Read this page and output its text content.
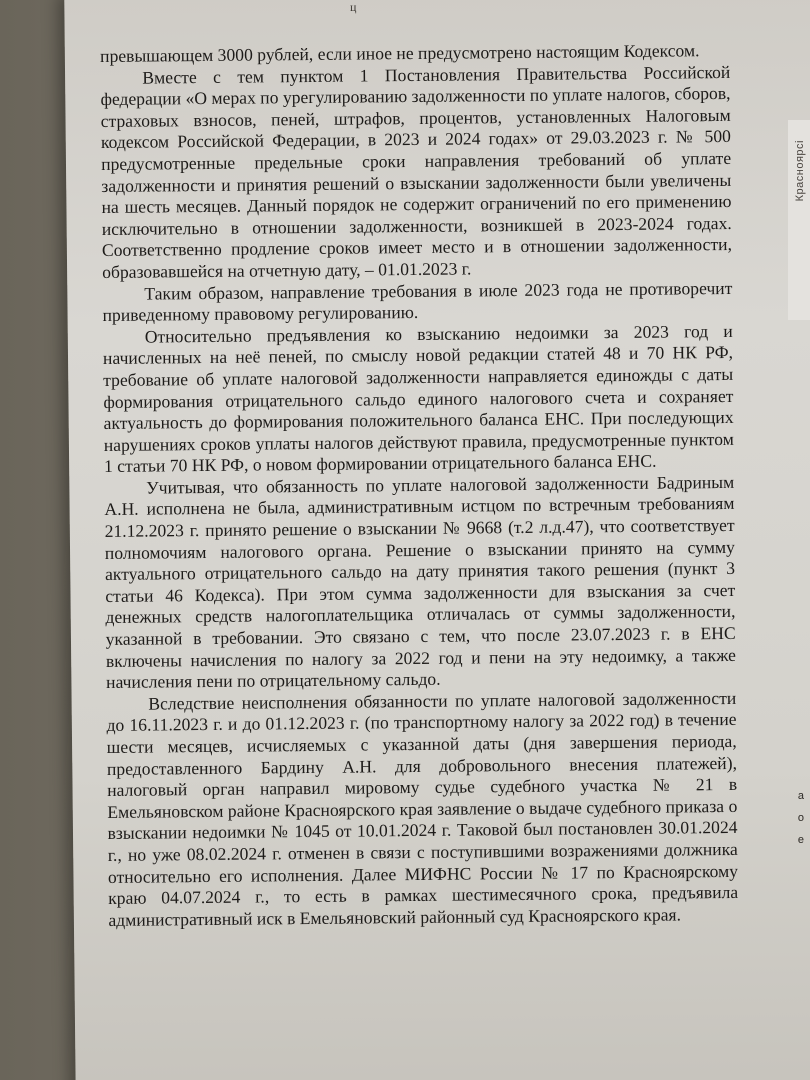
ц
Красноярсі
а
о
е

превышающем 3000 рублей, если иное не предусмотрено настоящим Кодексом.

Вместе с тем пунктом 1 Постановления Правительства Российской федерации «О мерах по урегулированию задолженности по уплате налогов, сборов, страховых взносов, пеней, штрафов, процентов, установленных Налоговым кодексом Российской Федерации, в 2023 и 2024 годах» от 29.03.2023 г. № 500 предусмотренные предельные сроки направления требований об уплате задолженности и принятия решений о взыскании задолженности были увеличены на шесть месяцев. Данный порядок не содержит ограничений по его применению исключительно в отношении задолженности, возникшей в 2023-2024 годах. Соответственно продление сроков имеет место и в отношении задолженности, образовавшейся на отчетную дату, – 01.01.2023 г.

Таким образом, направление требования в июле 2023 года не противоречит приведенному правовому регулированию.

Относительно предъявления ко взысканию недоимки за 2023 год и начисленных на неё пеней, по смыслу новой редакции статей 48 и 70 НК РФ, требование об уплате налоговой задолженности направляется единожды с даты формирования отрицательного сальдо единого налогового счета и сохраняет актуальность до формирования положительного баланса ЕНС. При последующих нарушениях сроков уплаты налогов действуют правила, предусмотренные пунктом 1 статьи 70 НК РФ, о новом формировании отрицательного баланса ЕНС.

Учитывая, что обязанность по уплате налоговой задолженности Бадриным А.Н. исполнена не была, административным истцом по встречным требованиям 21.12.2023 г. принято решение о взыскании № 9668 (т.2 л.д.47), что соответствует полномочиям налогового органа. Решение о взыскании принято на сумму актуального отрицательного сальдо на дату принятия такого решения (пункт 3 статьи 46 Кодекса). При этом сумма задолженности для взыскания за счет денежных средств налогоплательщика отличалась от суммы задолженности, указанной в требовании. Это связано с тем, что после 23.07.2023 г. в ЕНС включены начисления по налогу за 2022 год и пени на эту недоимку, а также начисления пени по отрицательному сальдо.

Вследствие неисполнения обязанности по уплате налоговой задолженности до 16.11.2023 г. и до 01.12.2023 г. (по транспортному налогу за 2022 год) в течение шести месяцев, исчисляемых с указанной даты (дня завершения периода, предоставленного Бардину А.Н. для добровольного внесения платежей), налоговый орган направил мировому судье судебного участка № 21 в Емельяновском районе Красноярского края заявление о выдаче судебного приказа о взыскании недоимки № 1045 от 10.01.2024 г. Таковой был постановлен 30.01.2024 г., но уже 08.02.2024 г. отменен в связи с поступившими возражениями должника относительно его исполнения. Далее МИФНС России № 17 по Красноярскому краю 04.07.2024 г., то есть в рамках шестимесячного срока, предъявила административный иск в Емельяновский районный суд Красноярского края.
